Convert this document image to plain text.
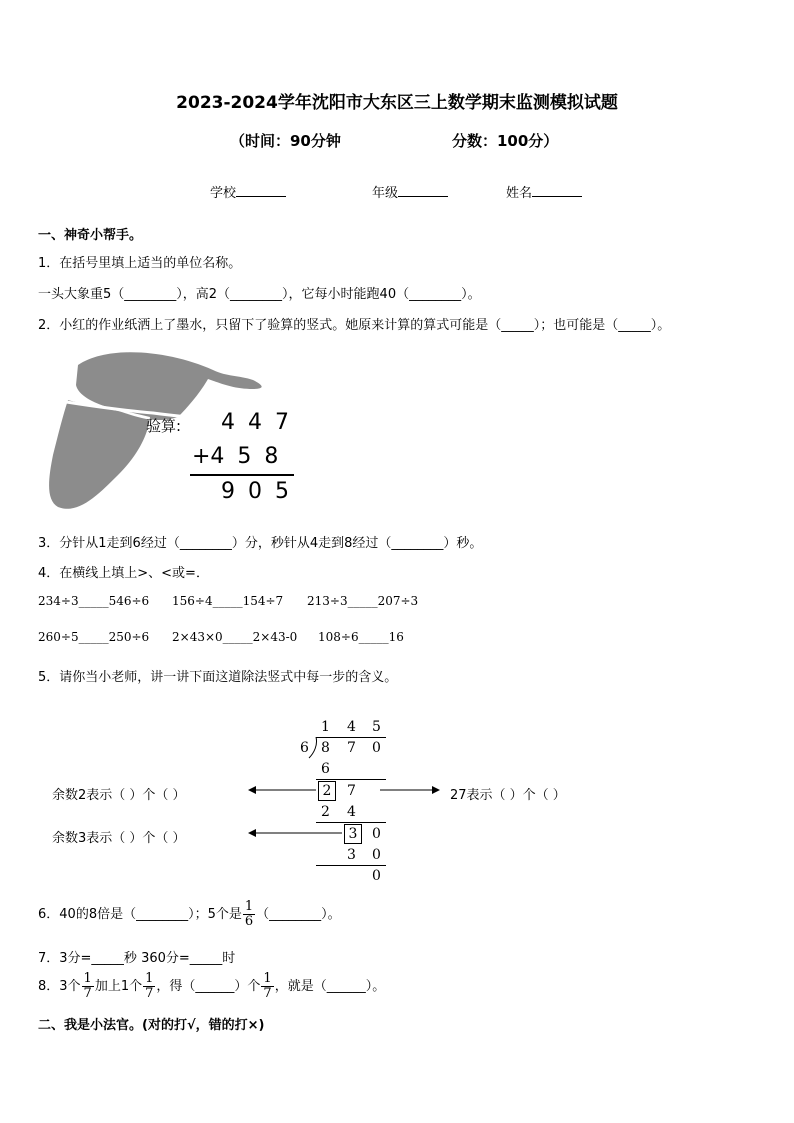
2023-2024学年沈阳市大东区三上数学期末监测模拟试题
（时间：90分钟	分数：100分）
学校	年级	姓名
一、神奇小帮手。
1．在括号里填上适当的单位名称。
一头大象重5（________），高2（________），它每小时能跑40（________）。
2．小红的作业纸洒上了墨水，只留下了验算的竖式。她原来计算的算式可能是（_____）；也可能是（_____）。
验算: 4 4 7
+4 5 8
9 0 5
3．分针从1走到6经过（________）分，秒针从4走到8经过（________）秒。
4．在横线上填上>、<或=．
234÷3_____546÷6 156÷4_____154÷7 213÷3_____207÷3
260÷5_____250÷6 2×43×0_____2×43-0 108÷6_____16
5．请你当小老师，讲一讲下面这道除法竖式中每一步的含义。
1 4 5
6 8 7 0
6
2	7
2 4
3	0
3 0
0
余数2表示（ ）个（ ）	27表示（ ）个（ ）
余数3表示（ ）个（ ）
6．40的8倍是（________）；5个是 $\frac{1}{6}$ （________）。
7．3分=_____秒 360分=_____时
8．3个 $\frac{1}{7}$ 加上1个 $\frac{1}{7}$ ，得（______）个 $\frac{1}{7}$ ，就是（______）。
二、我是小法官。(对的打√，错的打×)
